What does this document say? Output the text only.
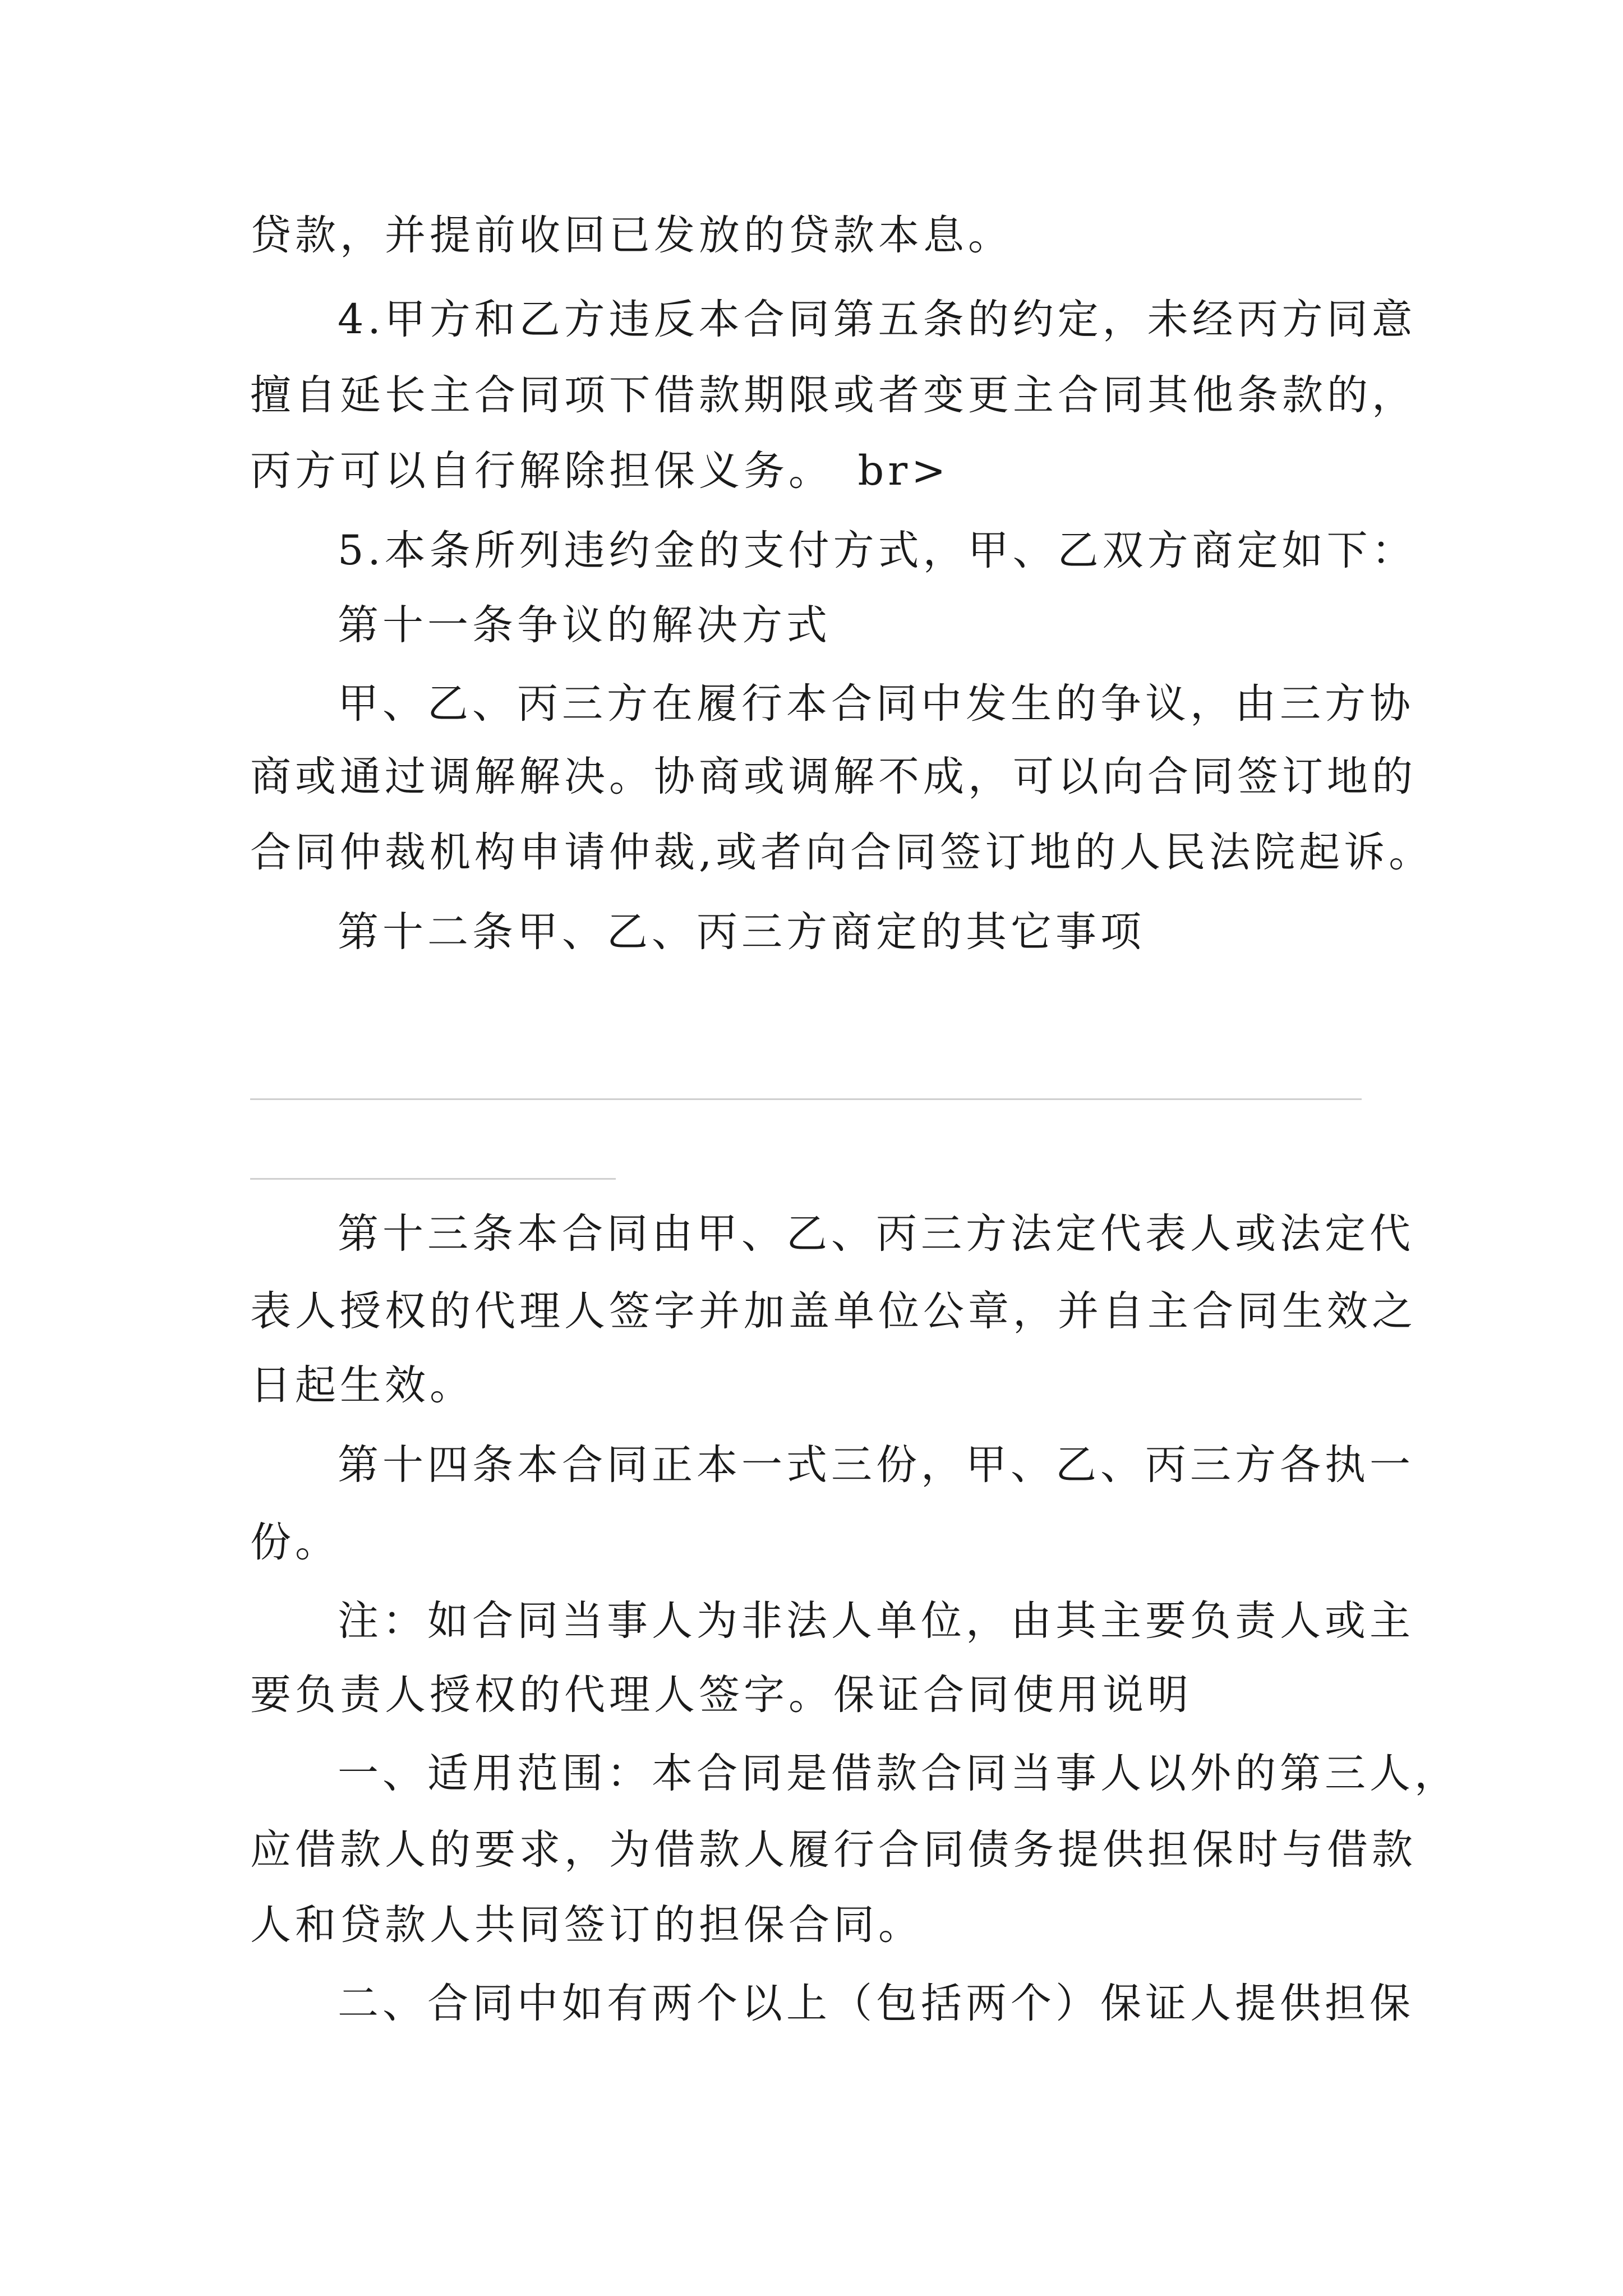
贷款，并提前收回已发放的贷款本息。
4.甲方和乙方违反本合同第五条的约定，未经丙方同意
擅自延长主合同项下借款期限或者变更主合同其他条款的，
丙方可以自行解除担保义务。　br>
5.本条所列违约金的支付方式，甲、乙双方商定如下：
第十一条争议的解决方式
甲、乙、丙三方在履行本合同中发生的争议，由三方协
商或通过调解解决。协商或调解不成，可以向合同签订地的
合同仲裁机构申请仲裁,或者向合同签订地的人民法院起诉。
第十二条甲、乙、丙三方商定的其它事项
第十三条本合同由甲、乙、丙三方法定代表人或法定代
表人授权的代理人签字并加盖单位公章，并自主合同生效之
日起生效。
第十四条本合同正本一式三份，甲、乙、丙三方各执一
份。
注：如合同当事人为非法人单位，由其主要负责人或主
要负责人授权的代理人签字。保证合同使用说明
一、适用范围：本合同是借款合同当事人以外的第三人，
应借款人的要求，为借款人履行合同债务提供担保时与借款
人和贷款人共同签订的担保合同。
二、合同中如有两个以上（包括两个）保证人提供担保
